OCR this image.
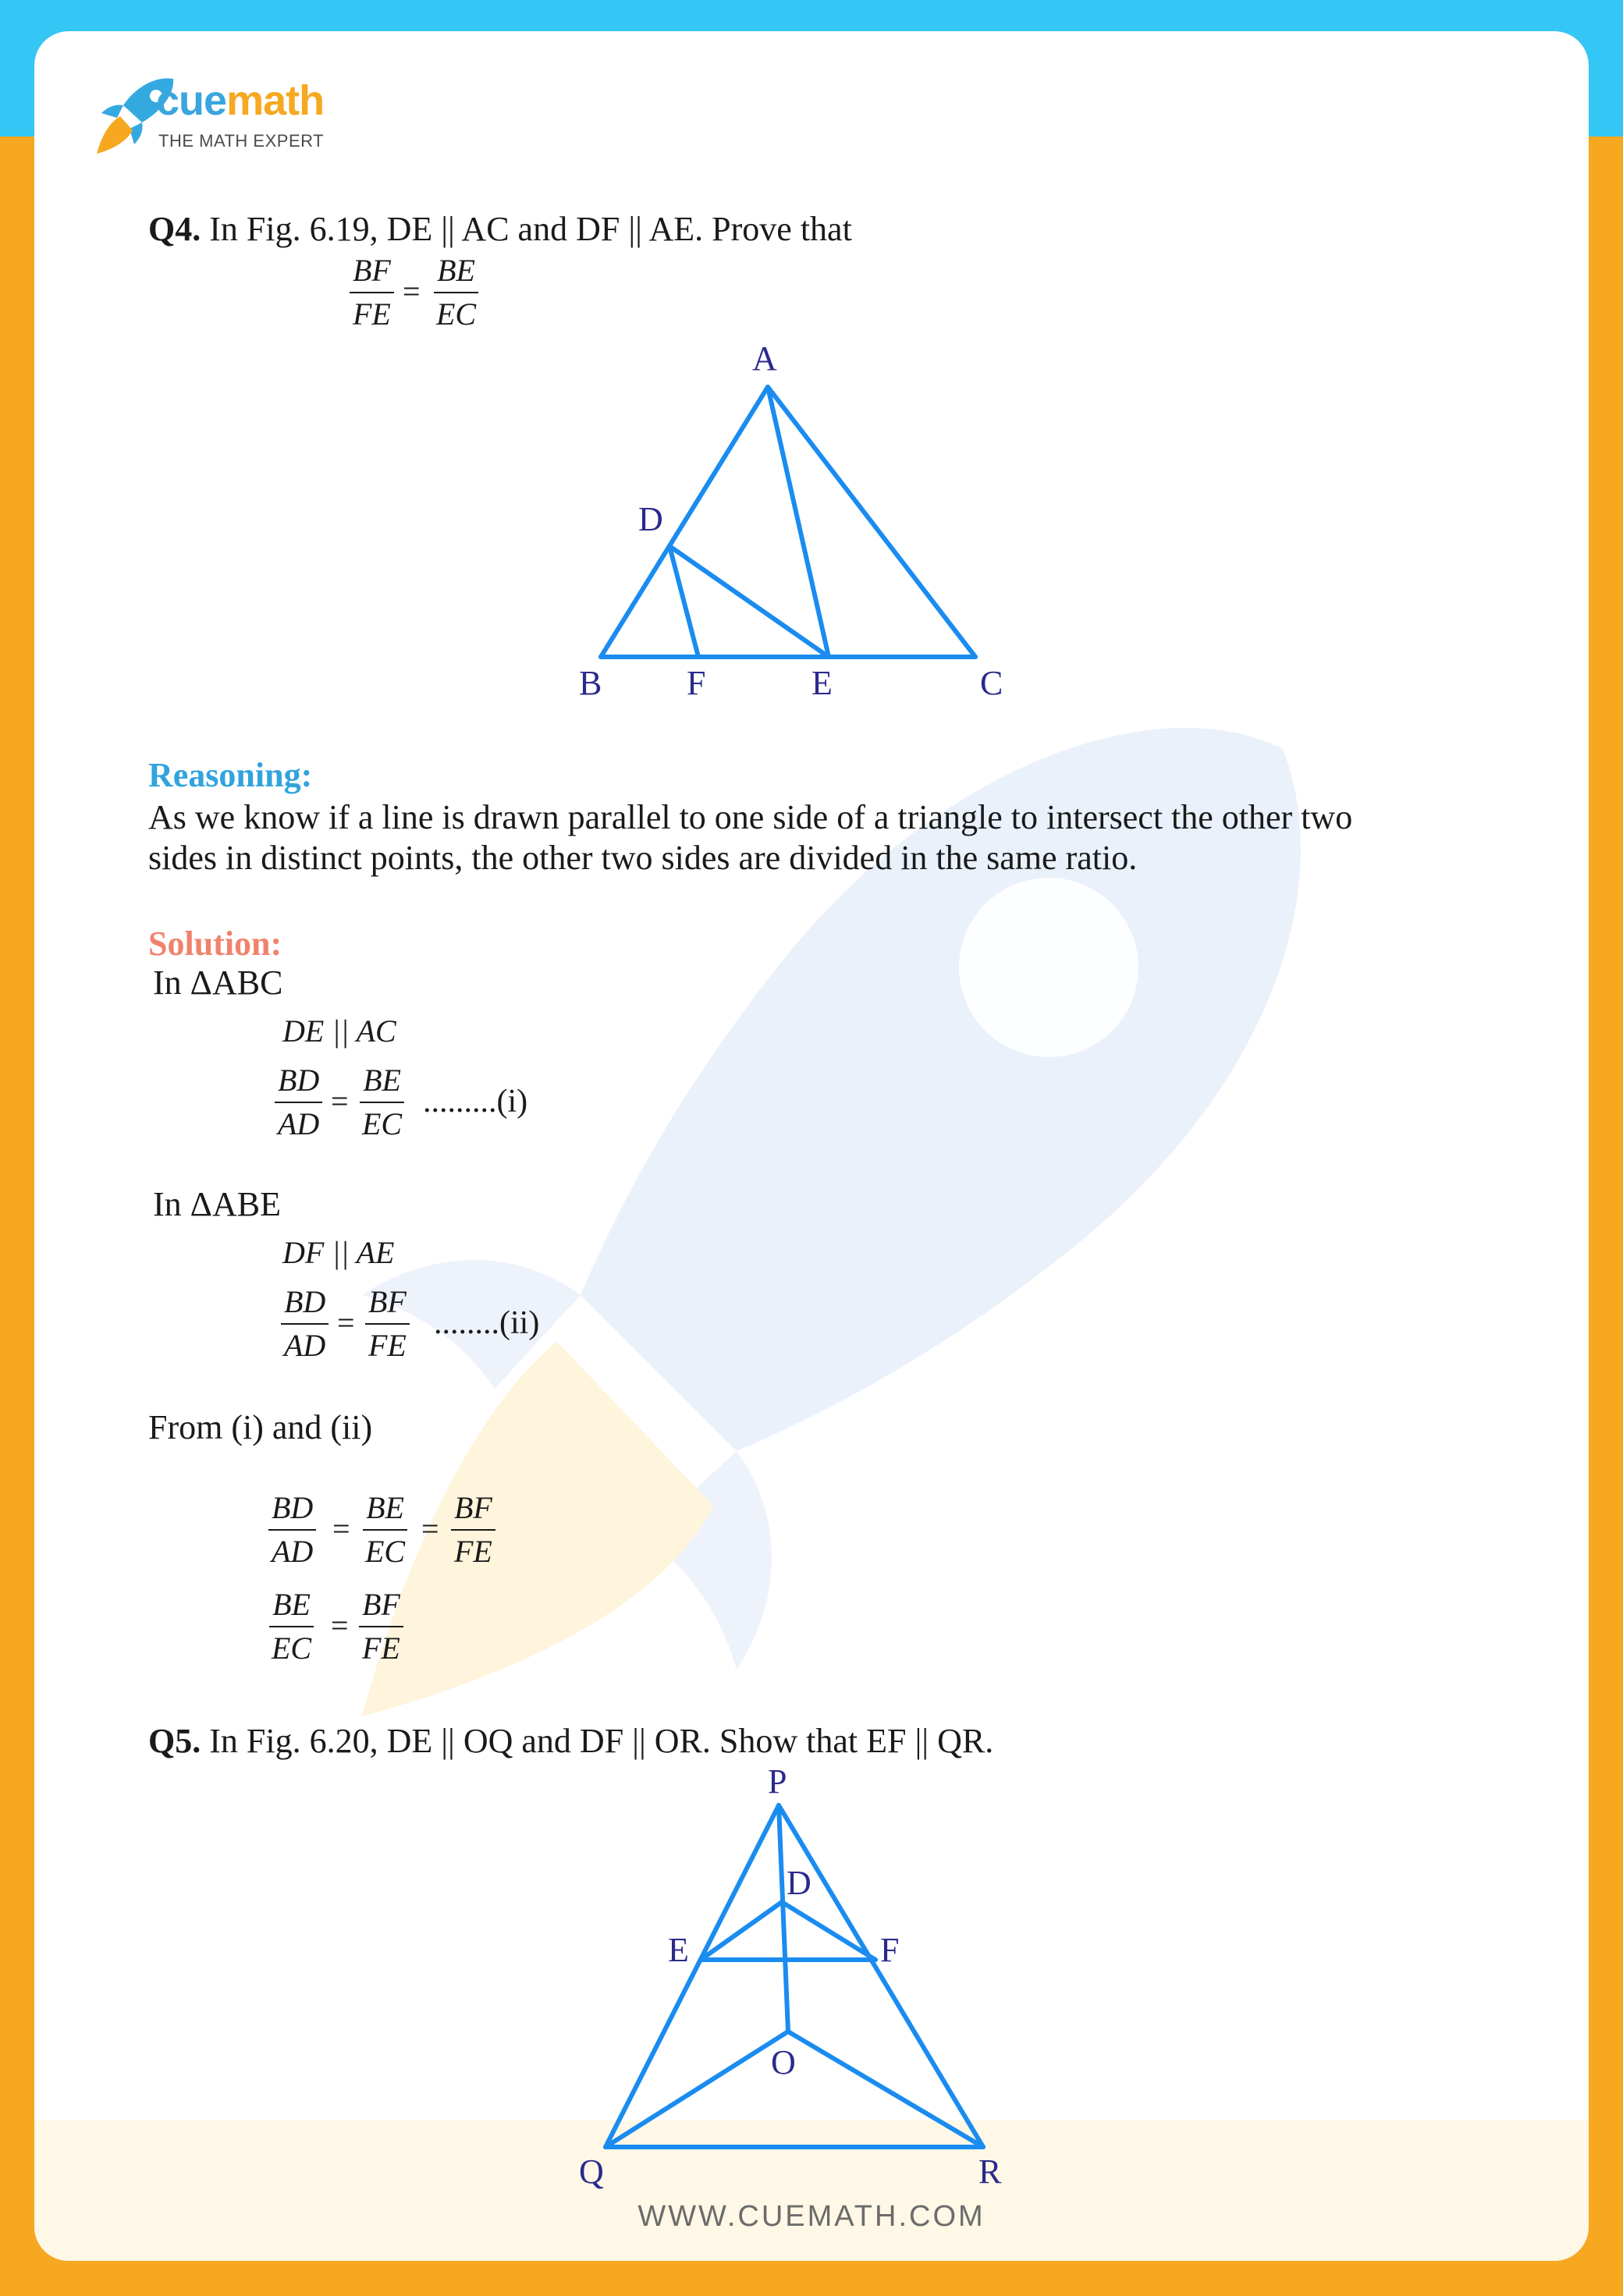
cuemath
THE MATH EXPERT
Q4. In Fig. 6.19, DE || AC and DF || AE. Prove that
$\frac{BF}{FE} = \frac{BE}{EC}$
A
D
B F	E	C
Reasoning:
As we know if a line is drawn parallel to one side of a triangle to intersect the other two
sides in distinct points, the other two sides are divided in the same ratio.
Solution:
In ΔABC
DE || AC
$\frac{BD}{AD} = \frac{BE}{EC} .........(i)$
In ΔABE
DF || AE
$\frac{BD}{AD} = \frac{BF}{FE} ........(ii)$
From (i) and (ii)
$\frac{BD}{AD} = \frac{BE}{EC} = \frac{BF}{FE}$
$\frac{BE}{EC} = \frac{BF}{FE}$
Q5. In Fig. 6.20, DE || OQ and DF || OR. Show that EF || QR.
P
D
E	F
O
Q	R
WWW.CUEMATH.COM
